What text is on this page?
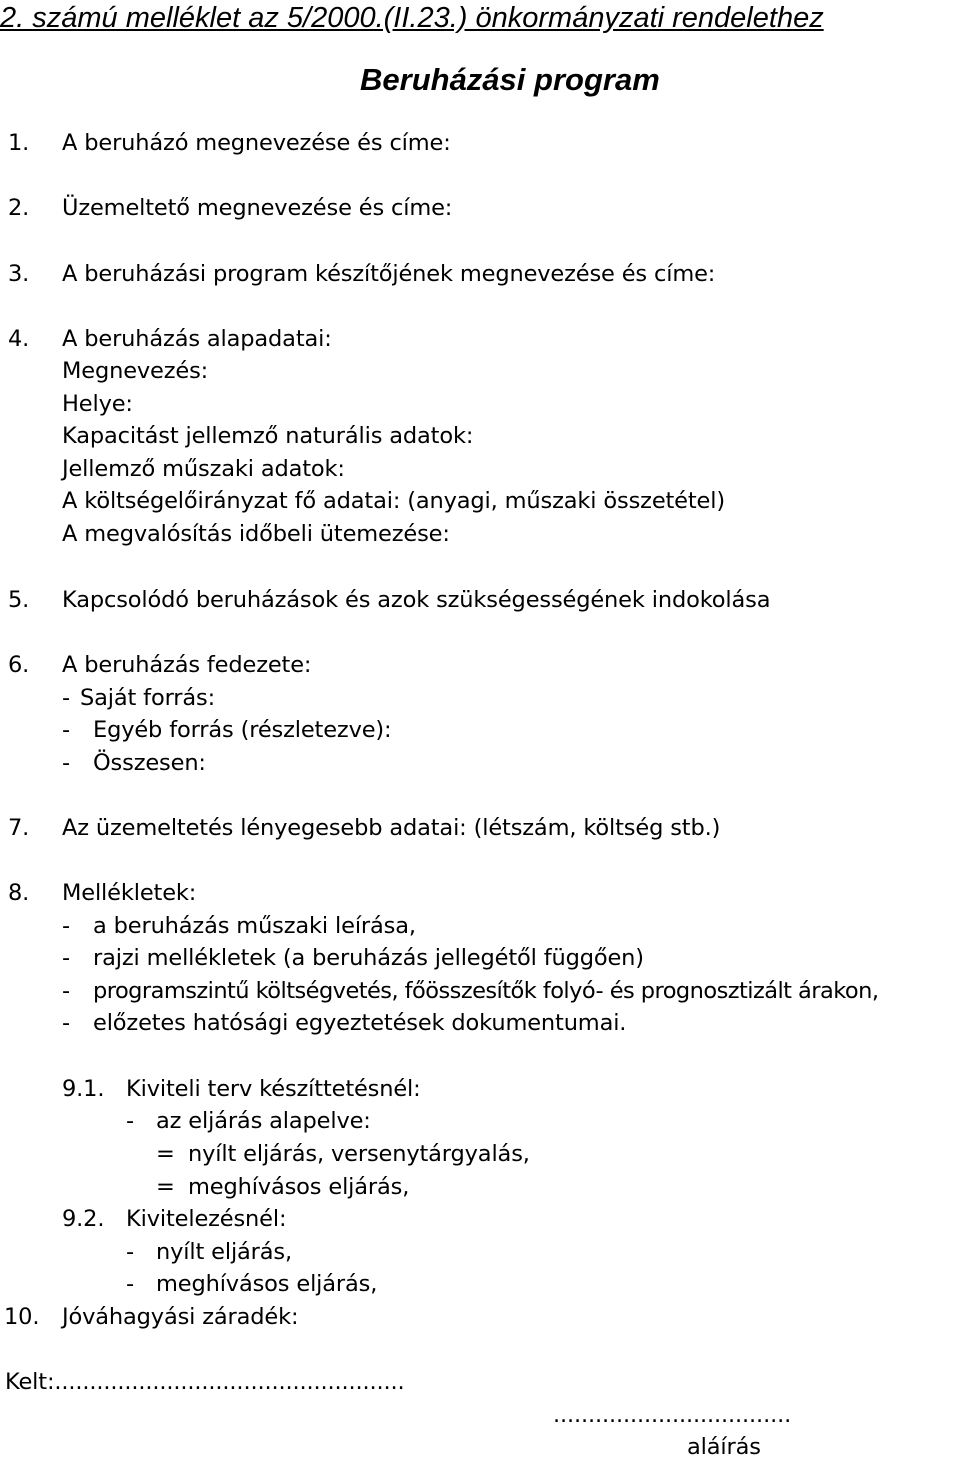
2. számú melléklet az 5/2000.(II.23.) önkormányzati rendelethez
Beruházási program
1.	A beruházó megnevezése és címe:
2.	Üzemeltető megnevezése és címe:
3.	A beruházási program készítőjének megnevezése és címe:
4.	A beruházás alapadatai:
Megnevezés:
Helye:
Kapacitást jellemző naturális adatok:
Jellemző műszaki adatok:
A költségelőirányzat fő adatai: (anyagi, műszaki összetétel)
A megvalósítás időbeli ütemezése:
5.	Kapcsolódó beruházások és azok szükségességének indokolása
6.	A beruházás fedezete:
- Saját forrás:
-	Egyéb forrás (részletezve):
-	Összesen:
7.	Az üzemeltetés lényegesebb adatai: (létszám, költség stb.)
8.	Mellékletek:
-	a beruházás műszaki leírása,
-	rajzi mellékletek (a beruházás jellegétől függően)
-	programszintű költségvetés, főösszesítők folyó- és prognosztizált árakon,
-	előzetes hatósági egyeztetések dokumentumai.
9.1. Kiviteli terv készíttetésnél:
- az eljárás alapelve:
= nyílt eljárás, versenytárgyalás,
= meghívásos eljárás,
9.2. Kivitelezésnél:
- nyílt eljárás,
- meghívásos eljárás,
10.	Jóváhagyási záradék:
Kelt:..................................................
..................................
aláírás
